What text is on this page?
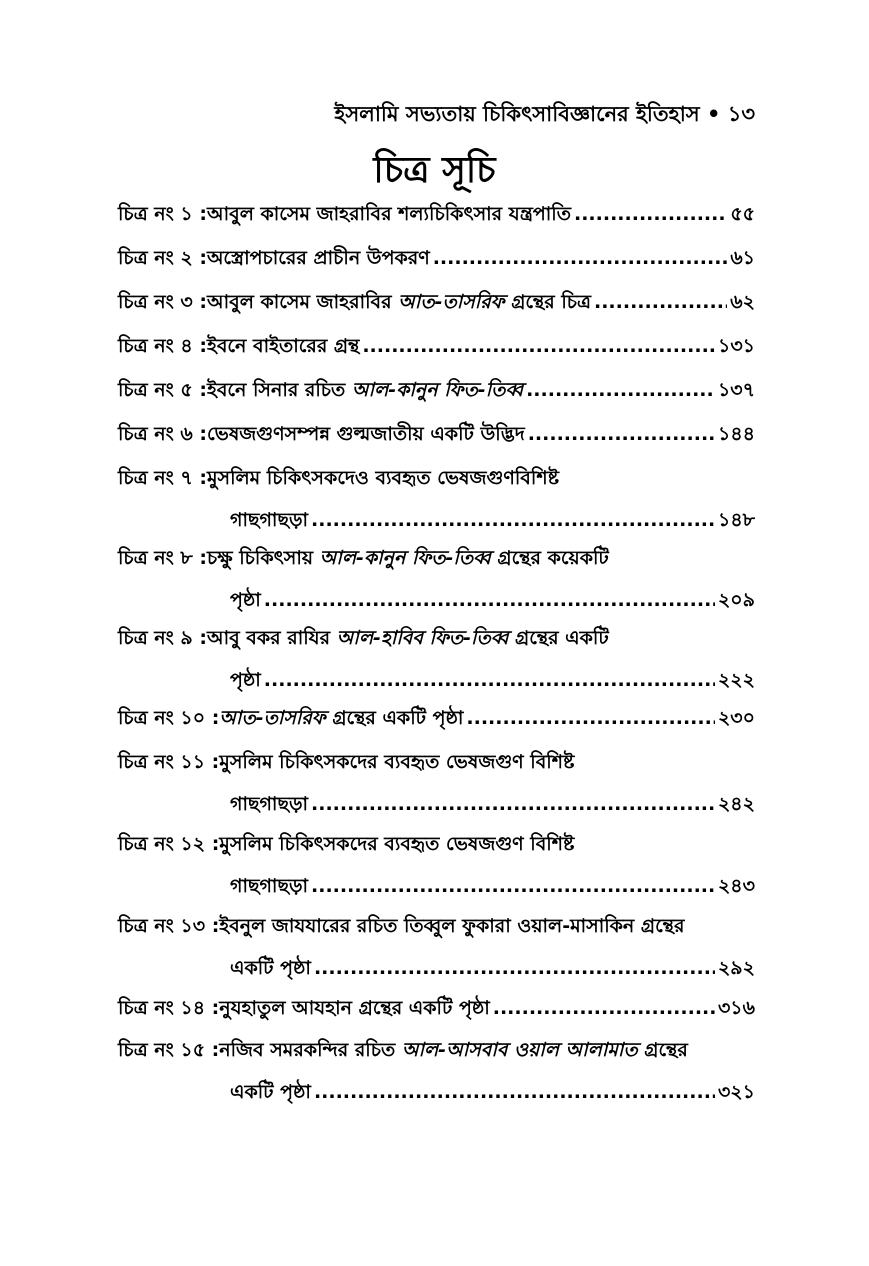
ইসলামি সভ্যতায় চিকিৎসাবিজ্ঞানের ইতিহাস • ১৩
চিত্র সূচি
চিত্র নং ১ : আবুল কাসেম জাহরাবির শল্যচিকিৎসার যন্ত্রপাতি .....	৫৫
চিত্র নং ২ : অস্ত্রোপচারের প্রাচীন উপকরণ .....	৬১
চিত্র নং ৩ : আবুল কাসেম জাহরাবির আত-তাসরিফ গ্রন্থের চিত্র .....	৬২
চিত্র নং ৪ : ইবনে বাইতারের গ্রন্থ .....	১৩১
চিত্র নং ৫ : ইবনে সিনার রচিত আল-কানুন ফিত-তিব্ব .....	১৩৭
চিত্র নং ৬ : ভেষজগুণসম্পন্ন গুল্মজাতীয় একটি উদ্ভিদ .....	১৪৪
চিত্র নং ৭ : মুসলিম চিকিৎসকদেও ব্যবহৃত ভেষজগুণবিশিষ্ট
গাছগাছড়া .....	১৪৮
চিত্র নং ৮ : চক্ষু চিকিৎসায় আল-কানুন ফিত-তিব্ব গ্রন্থের কয়েকটি
পৃষ্ঠা .....	২০৯
চিত্র নং ৯ : আবু বকর রাযির আল-হাবিব ফিত-তিব্ব গ্রন্থের একটি
পৃষ্ঠা .....	২২২
চিত্র নং ১০ : আত-তাসরিফ গ্রন্থের একটি পৃষ্ঠা .....	২৩০
চিত্র নং ১১ : মুসলিম চিকিৎসকদের ব্যবহৃত ভেষজগুণ বিশিষ্ট
গাছগাছড়া .....	২৪২
চিত্র নং ১২ : মুসলিম চিকিৎসকদের ব্যবহৃত ভেষজগুণ বিশিষ্ট
গাছগাছড়া .....	২৪৩
চিত্র নং ১৩ : ইবনুল জাযযারের রচিত তিব্বুল ফুকারা ওয়াল-মাসাকিন গ্রন্থের
একটি পৃষ্ঠা .....	২৯২
চিত্র নং ১৪ : নুযহাতুল আযহান গ্রন্থের একটি পৃষ্ঠা .....	৩১৬
চিত্র নং ১৫ : নজিব সমরকন্দির রচিত আল-আসবাব ওয়াল আলামাত গ্রন্থের
একটি পৃষ্ঠা .....	৩২১
